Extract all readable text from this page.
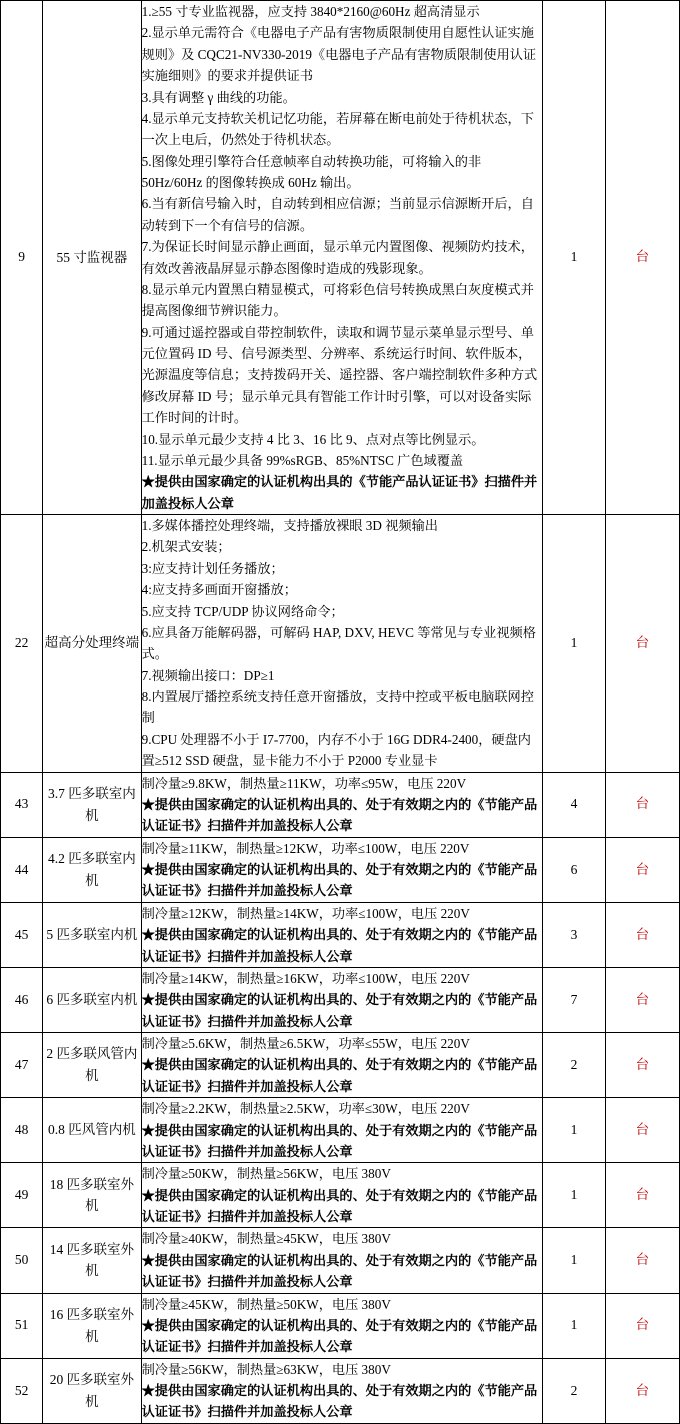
9	55 寸监视器	
1.≥55 寸专业监视器，应支持 3840*2160@60Hz 超高清显示
2.显示单元需符合《电器电子产品有害物质限制使用自愿性认证实施规则》及 CQC21-NV330-2019《电器电子产品有害物质限制使用认证实施细则》的要求并提供证书
3.具有调整 γ 曲线的功能。
4.显示单元支持软关机记忆功能，若屏幕在断电前处于待机状态，下一次上电后，仍然处于待机状态。
5.图像处理引擎符合任意帧率自动转换功能，可将输入的非 50Hz/60Hz 的图像转换成 60Hz 输出。
6.当有新信号输入时，自动转到相应信源；当前显示信源断开后，自动转到下一个有信号的信源。
7.为保证长时间显示静止画面，显示单元内置图像、视频防灼技术，有效改善液晶屏显示静态图像时造成的残影现象。
8.显示单元内置黑白精显模式，可将彩色信号转换成黑白灰度模式并提高图像细节辨识能力。
9.可通过遥控器或自带控制软件，读取和调节显示菜单显示型号、单元位置码 ID 号、信号源类型、分辨率、系统运行时间、软件版本，光源温度等信息；支持拨码开关、遥控器、客户端控制软件多种方式修改屏幕 ID 号；显示单元具有智能工作计时引擎，可以对设备实际工作时间的计时。
10.显示单元最少支持 4 比 3、16 比 9、点对点等比例显示。
11.显示单元最少具备 99%sRGB、85%NTSC 广色域覆盖
★提供由国家确定的认证机构出具的《节能产品认证证书》扫描件并加盖投标人公章
	1	台
22	超高分处理终端	
1.多媒体播控处理终端，支持播放裸眼 3D 视频输出
2.机架式安装；
3:应支持计划任务播放；
4:应支持多画面开窗播放；
5.应支持 TCP/UDP 协议网络命令；
6.应具备万能解码器，可解码 HAP, DXV, HEVC 等常见与专业视频格式。
7.视频输出接口：DP≥1
8.内置展厅播控系统支持任意开窗播放，支持中控或平板电脑联网控制
9.CPU 处理器不小于 I7-7700，内存不小于 16G DDR4-2400，硬盘内置≥512 SSD 硬盘，显卡能力不小于 P2000 专业显卡
	1	台
43	3.7 匹多联室内机	制冷量≥9.8KW，制热量≥11KW，功率≤95W，电压 220V
★提供由国家确定的认证机构出具的、处于有效期之内的《节能产品认证证书》扫描件并加盖投标人公章	4	台
44	4.2 匹多联室内机	制冷量≥11KW，制热量≥12KW，功率≤100W，电压 220V
★提供由国家确定的认证机构出具的、处于有效期之内的《节能产品认证证书》扫描件并加盖投标人公章	6	台
45	5 匹多联室内机	制冷量≥12KW，制热量≥14KW，功率≤100W，电压 220V
★提供由国家确定的认证机构出具的、处于有效期之内的《节能产品认证证书》扫描件并加盖投标人公章	3	台
46	6 匹多联室内机	制冷量≥14KW，制热量≥16KW，功率≤100W，电压 220V
★提供由国家确定的认证机构出具的、处于有效期之内的《节能产品认证证书》扫描件并加盖投标人公章	7	台
47	2 匹多联风管内机	制冷量≥5.6KW，制热量≥6.5KW，功率≤55W，电压 220V
★提供由国家确定的认证机构出具的、处于有效期之内的《节能产品认证证书》扫描件并加盖投标人公章	2	台
48	0.8 匹风管内机	制冷量≥2.2KW，制热量≥2.5KW，功率≤30W，电压 220V
★提供由国家确定的认证机构出具的、处于有效期之内的《节能产品认证证书》扫描件并加盖投标人公章	1	台
49	18 匹多联室外机	制冷量≥50KW，制热量≥56KW，电压 380V
★提供由国家确定的认证机构出具的、处于有效期之内的《节能产品认证证书》扫描件并加盖投标人公章	1	台
50	14 匹多联室外机	制冷量≥40KW，制热量≥45KW，电压 380V
★提供由国家确定的认证机构出具的、处于有效期之内的《节能产品认证证书》扫描件并加盖投标人公章	1	台
51	16 匹多联室外机	制冷量≥45KW，制热量≥50KW，电压 380V
★提供由国家确定的认证机构出具的、处于有效期之内的《节能产品认证证书》扫描件并加盖投标人公章	1	台
52	20 匹多联室外机	制冷量≥56KW，制热量≥63KW，电压 380V
★提供由国家确定的认证机构出具的、处于有效期之内的《节能产品认证证书》扫描件并加盖投标人公章	2	台
